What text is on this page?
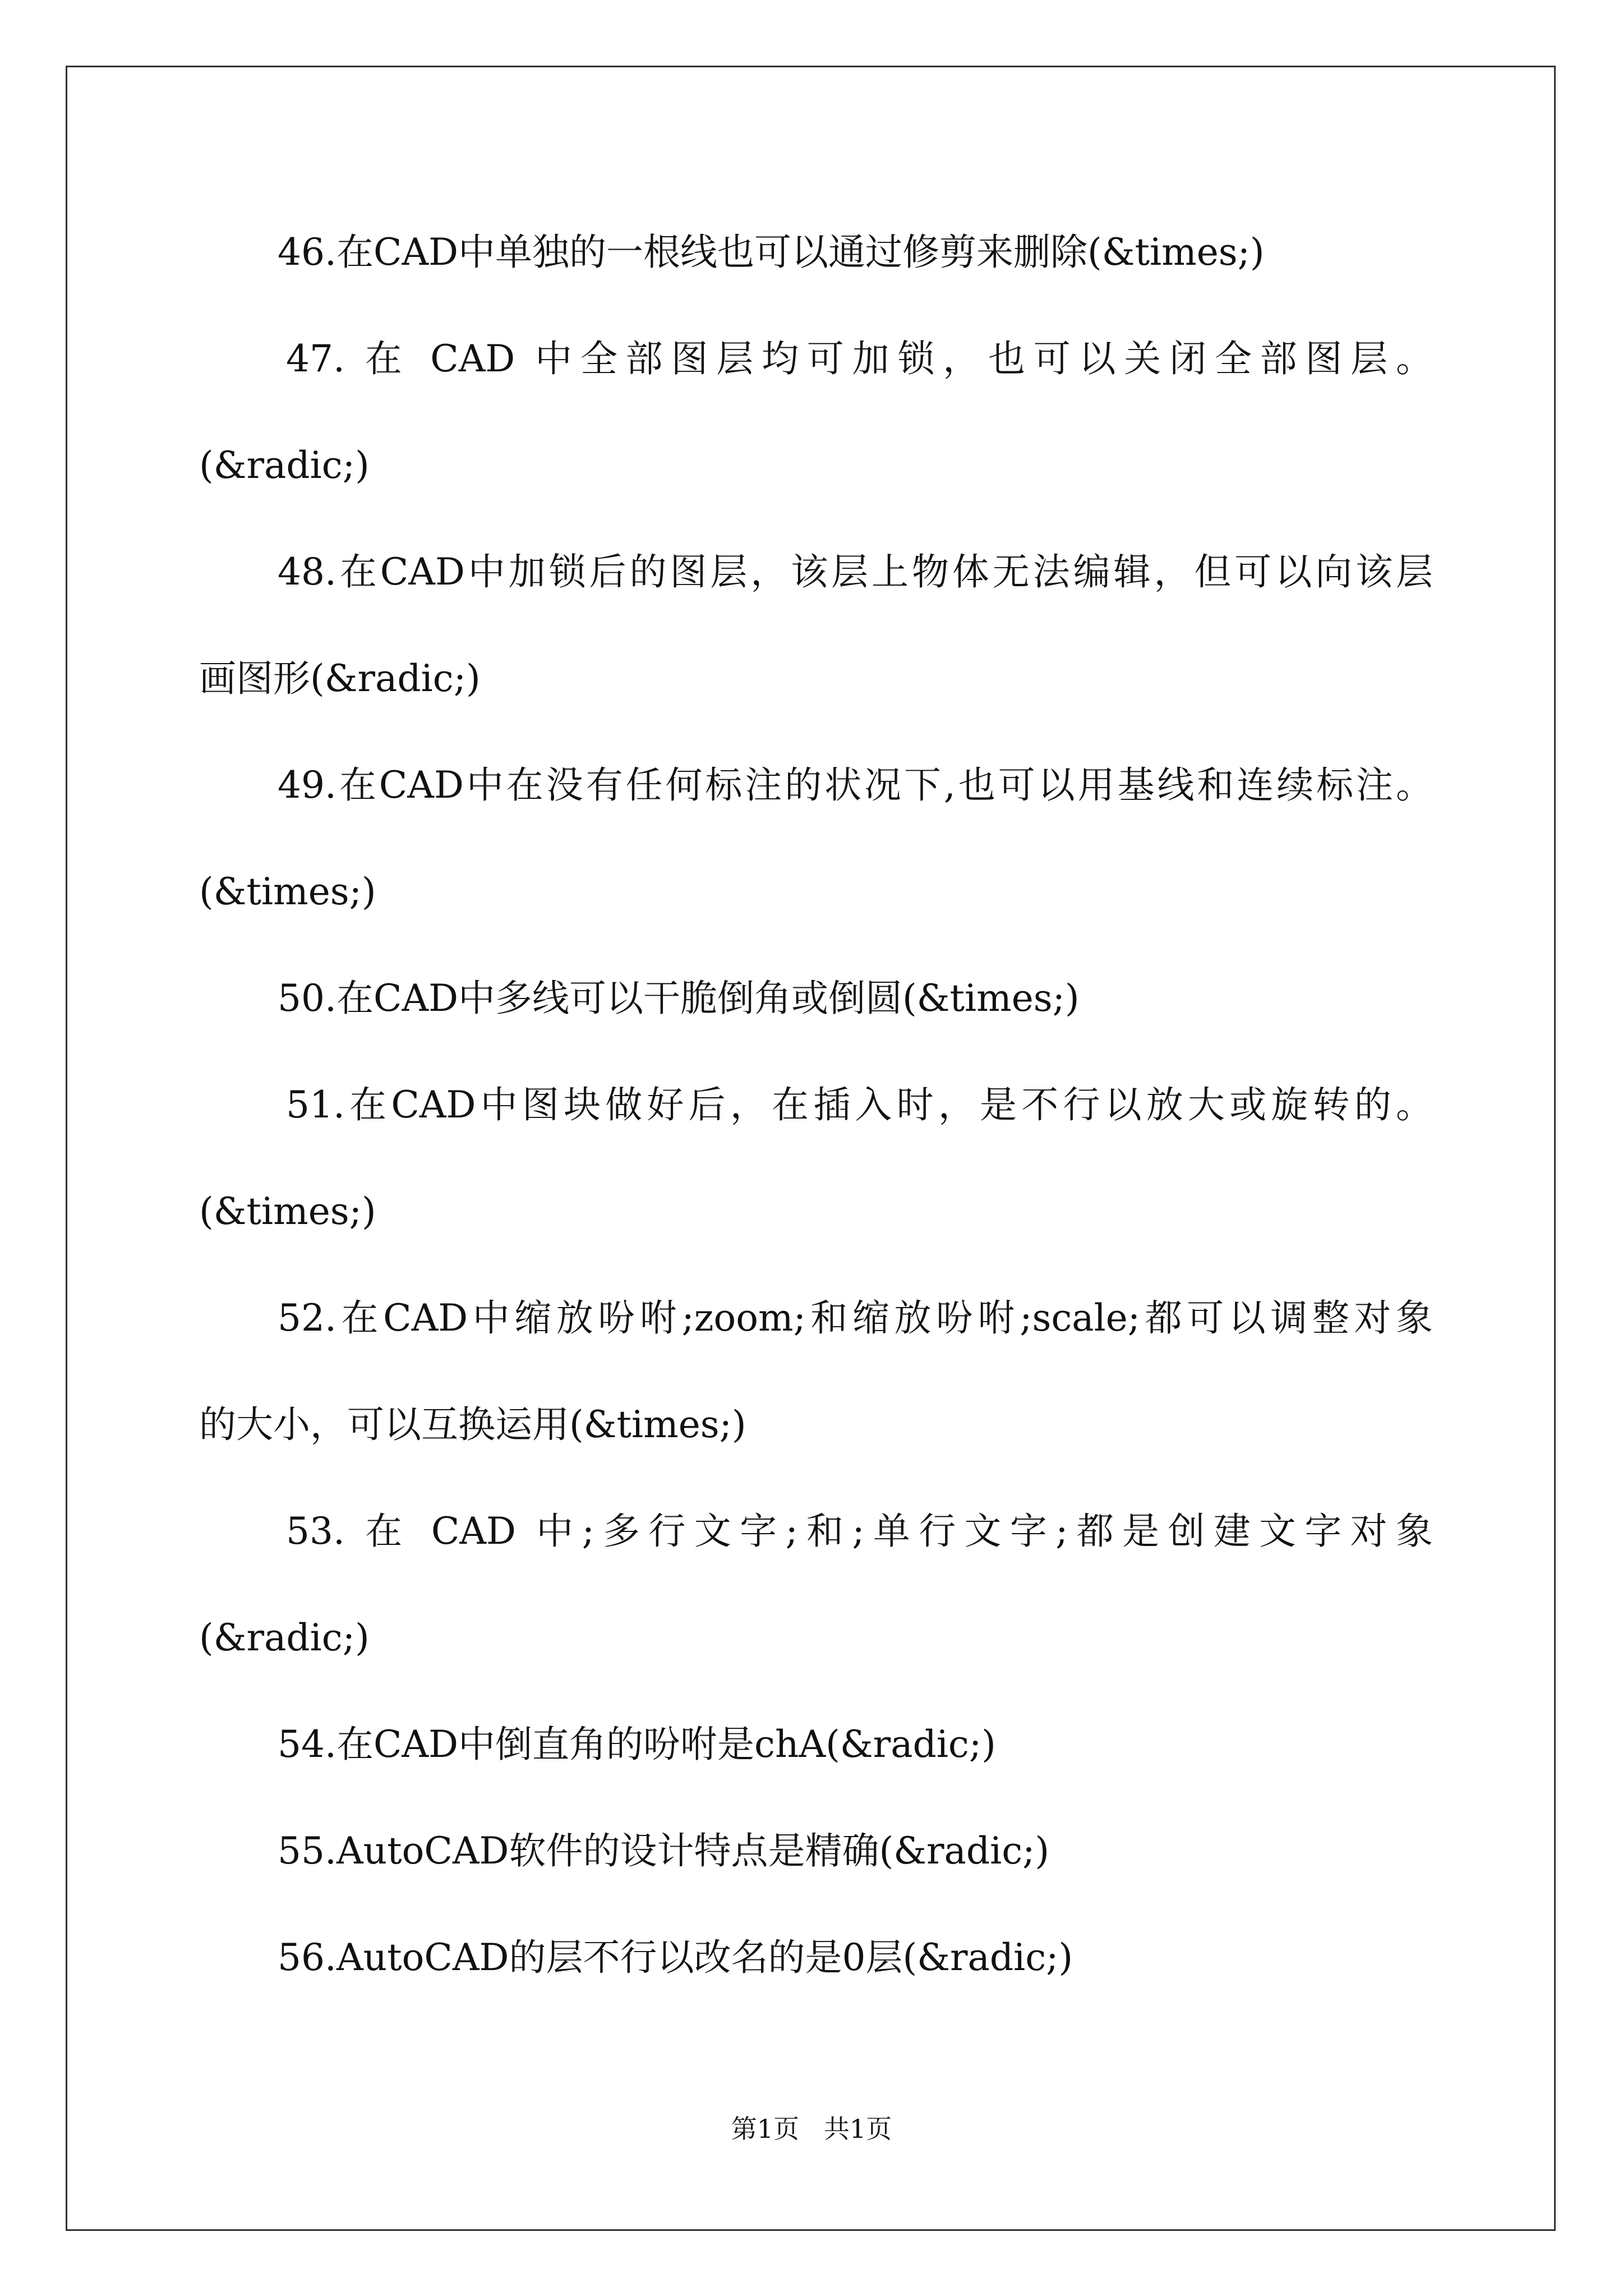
46.在CAD中单独的一根线也可以通过修剪来删除(&times;)
47. 在 CAD 中全部图层均可加锁，也可以关闭全部图层。
(&radic;)
48.在CAD中加锁后的图层，该层上物体无法编辑，但可以向该层
画图形(&radic;)
49.在CAD中在没有任何标注的状况下,也可以用基线和连续标注。
(&times;)
50.在CAD中多线可以干脆倒角或倒圆(&times;)
51.在CAD中图块做好后，在插入时，是不行以放大或旋转的。
(&times;)
52.在CAD中缩放吩咐;zoom;和缩放吩咐;scale;都可以调整对象
的大小，可以互换运用(&times;)
53. 在 CAD 中;多行文字;和;单行文字;都是创建文字对象
(&radic;)
54.在CAD中倒直角的吩咐是chA(&radic;)
55.AutoCAD软件的设计特点是精确(&radic;)
56.AutoCAD的层不行以改名的是0层(&radic;)
第1页   共1页
